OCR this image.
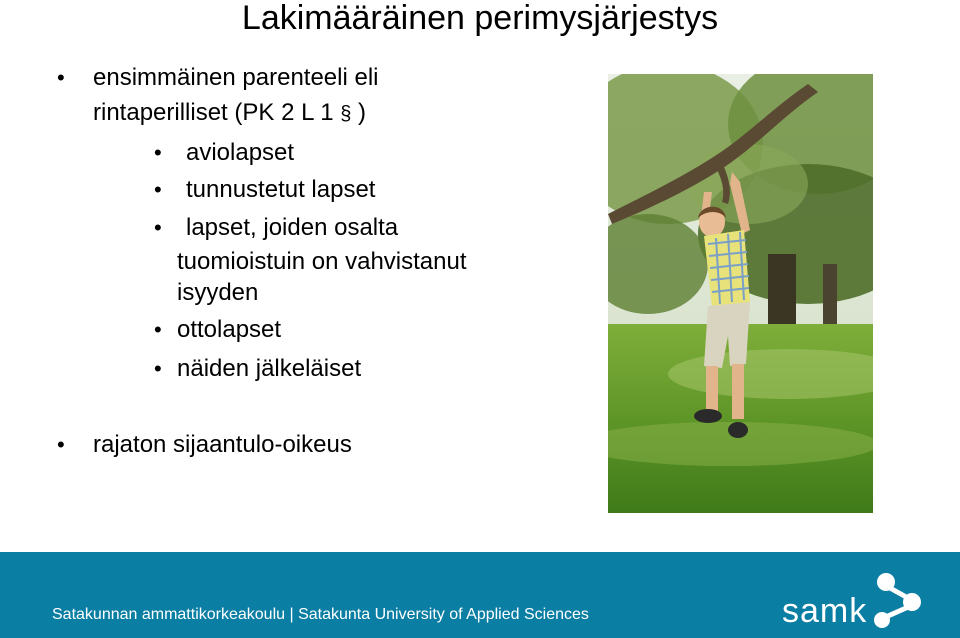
Lakimääräinen perimysjärjestys
• ensimmäinen parenteeli eli
rintaperilliset (PK 2 L 1 § )
• aviolapset
• tunnustetut lapset
• lapset, joiden osalta
tuomioistuin on vahvistanut
isyyden
• ottolapset
• näiden jälkeläiset
• rajaton sijaantulo-oikeus
Satakunnan ammattikorkeakoulu | Satakunta University of Applied Sciences	samk
